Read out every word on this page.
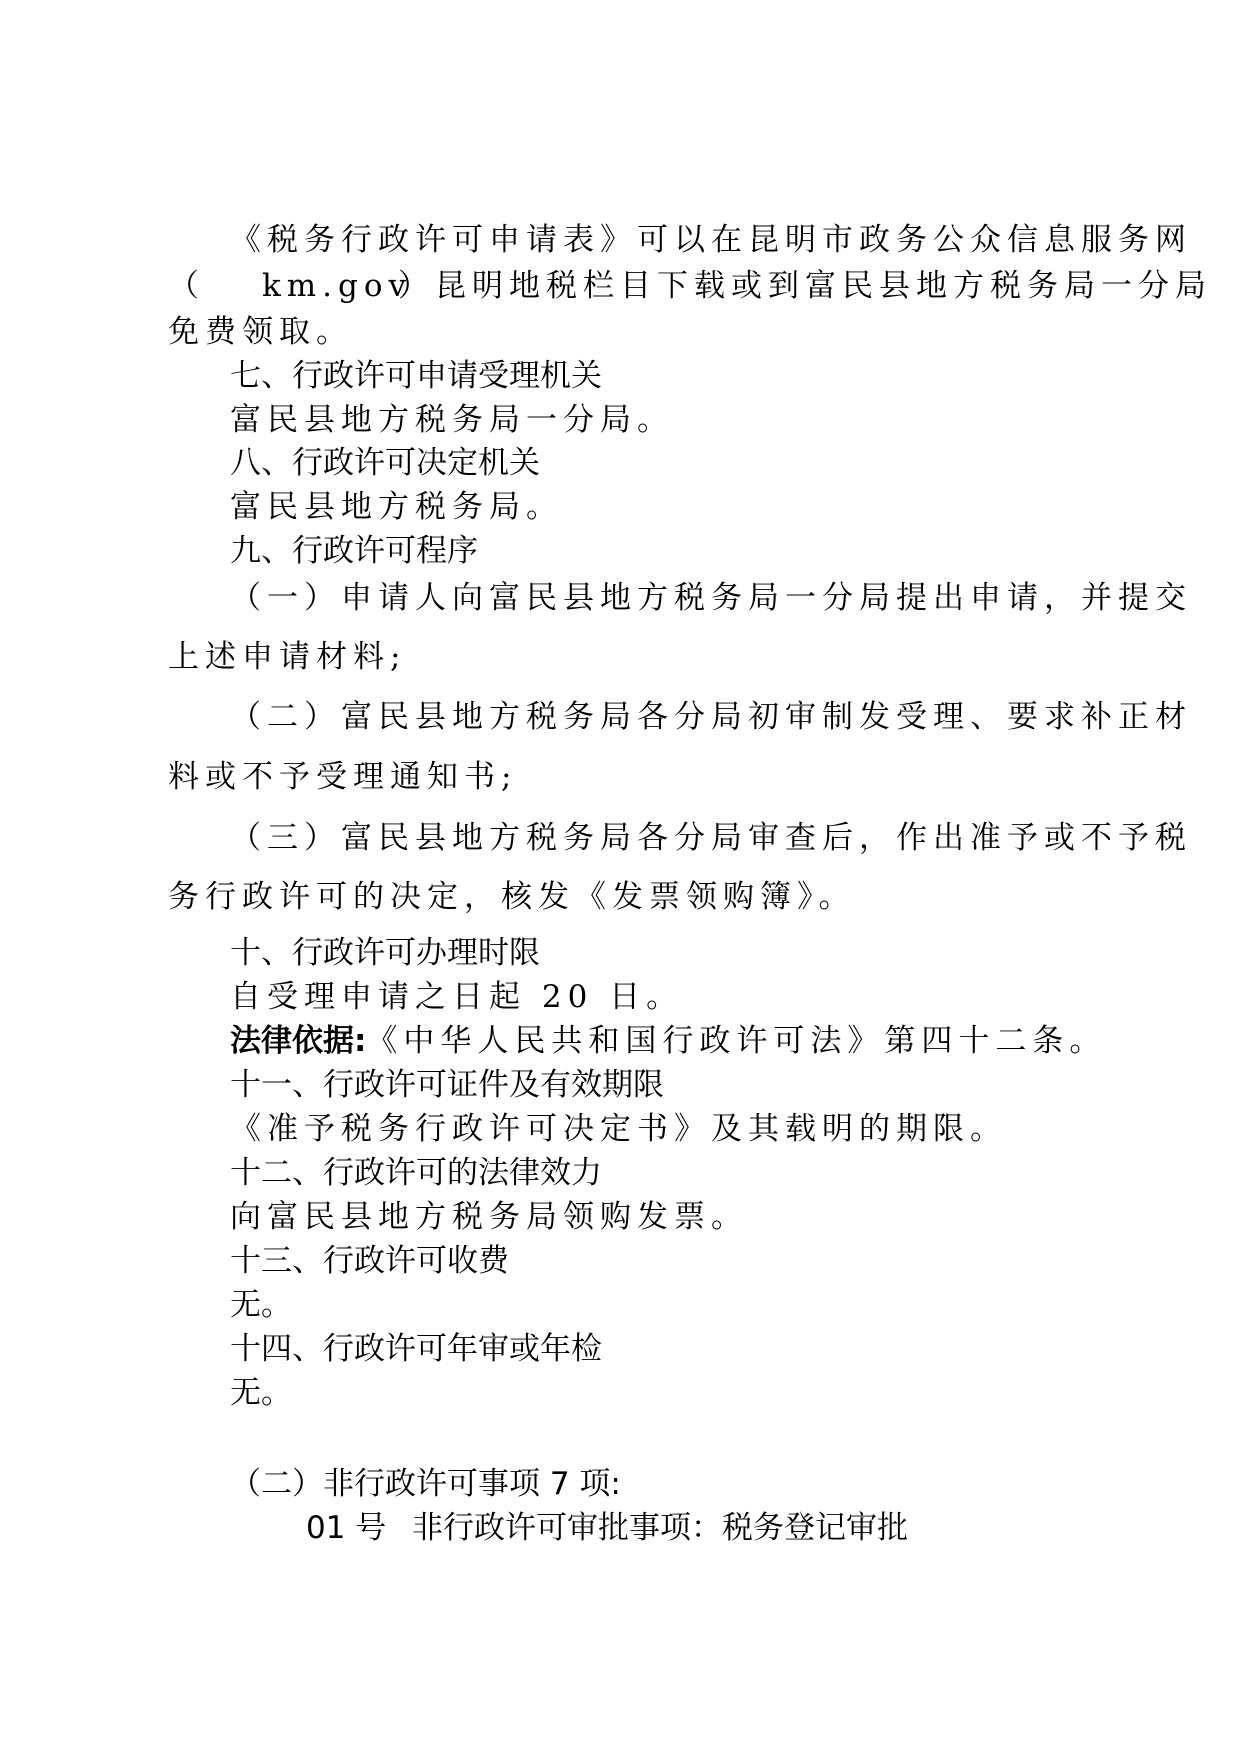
《税务行政许可申请表》可以在昆明市政务公众信息服务网
（ km.gov
）昆明地税栏目下载或到富民县地方税务局一分局
免费领取。
七、行政许可申请受理机关
富民县地方税务局一分局。
八、行政许可决定机关
富民县地方税务局。
九、行政许可程序
（一）申请人向富民县地方税务局一分局提出申请，并提交
上述申请材料;
（二）富民县地方税务局各分局初审制发受理、要求补正材
料或不予受理通知书;
（三）富民县地方税务局各分局审查后，作出准予或不予税
务行政许可的决定，核发《发票领购簿》。
十、行政许可办理时限
自受理申请之日起 20 日。
法律依据:《中华人民共和国行政许可法》第四十二条。
十一、行政许可证件及有效期限
《准予税务行政许可决定书》及其载明的期限。
十二、行政许可的法律效力
向富民县地方税务局领购发票。
十三、行政许可收费
无。
十四、行政许可年审或年检
无。
（二）非行政许可事项 7 项:
01 号 非行政许可审批事项：税务登记审批
